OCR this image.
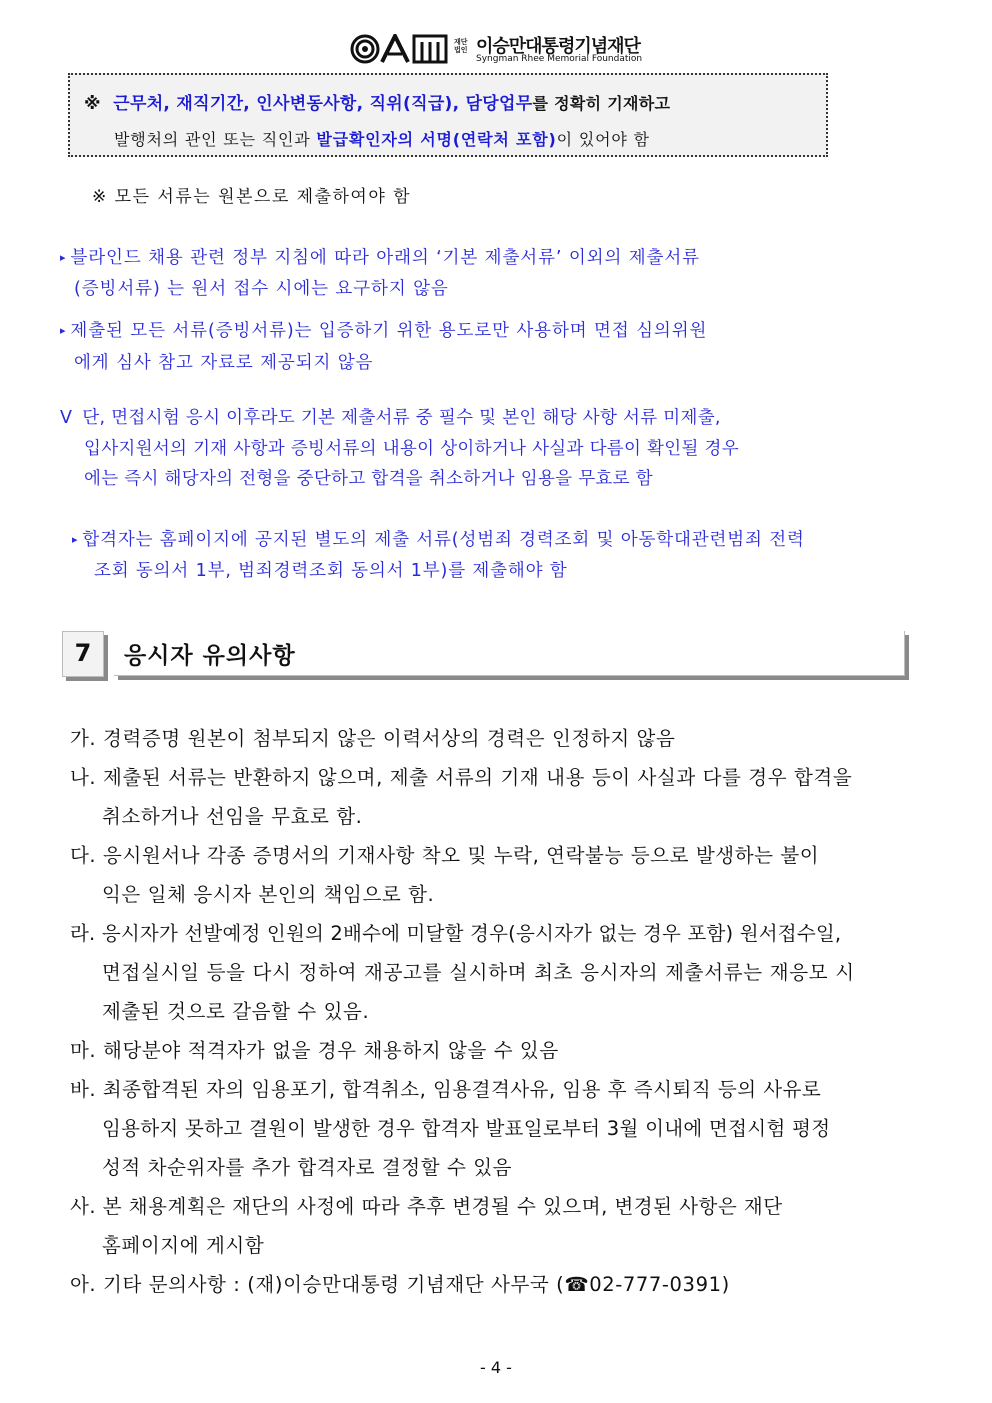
재단법인 이승만대통령기념재단
Syngman Rhee Memorial Foundation
※ 근무처, 재직기간, 인사변동사항, 직위(직급), 담당업무를 정확히 기재하고
발행처의 관인 또는 직인과 발급확인자의 서명(연락처 포함)이 있어야 함
※ 모든 서류는 원본으로 제출하여야 함
▸ 블라인드 채용 관련 정부 지침에 따라 아래의 ‘기본 제출서류’ 이외의 제출서류
(증빙서류) 는 원서 접수 시에는 요구하지 않음
▸ 제출된 모든 서류(증빙서류)는 입증하기 위한 용도로만 사용하며 면접 심의위원
에게 심사 참고 자료로 제공되지 않음
V 단, 면접시험 응시 이후라도 기본 제출서류 중 필수 및 본인 해당 사항 서류 미제출,
입사지원서의 기재 사항과 증빙서류의 내용이 상이하거나 사실과 다름이 확인될 경우
에는 즉시 해당자의 전형을 중단하고 합격을 취소하거나 임용을 무효로 함
▸ 합격자는 홈페이지에 공지된 별도의 제출 서류(성범죄 경력조회 및 아동학대관련범죄 전력
조회 동의서 1부, 범죄경력조회 동의서 1부)를 제출해야 함
7	응시자 유의사항
가. 경력증명 원본이 첨부되지 않은 이력서상의 경력은 인정하지 않음
나. 제출된 서류는 반환하지 않으며, 제출 서류의 기재 내용 등이 사실과 다를 경우 합격을
취소하거나 선임을 무효로 함.
다. 응시원서나 각종 증명서의 기재사항 착오 및 누락, 연락불능 등으로 발생하는 불이
익은 일체 응시자 본인의 책임으로 함.
라. 응시자가 선발예정 인원의 2배수에 미달할 경우(응시자가 없는 경우 포함) 원서접수일,
면접실시일 등을 다시 정하여 재공고를 실시하며 최초 응시자의 제출서류는 재응모 시
제출된 것으로 갈음할 수 있음.
마. 해당분야 적격자가 없을 경우 채용하지 않을 수 있음
바. 최종합격된 자의 임용포기, 합격취소, 임용결격사유, 임용 후 즉시퇴직 등의 사유로
임용하지 못하고 결원이 발생한 경우 합격자 발표일로부터 3월 이내에 면접시험 평정
성적 차순위자를 추가 합격자로 결정할 수 있음
사. 본 채용계획은 재단의 사정에 따라 추후 변경될 수 있으며, 변경된 사항은 재단
홈페이지에 게시함
아. 기타 문의사항 : (재)이승만대통령 기념재단 사무국 (☎02-777-0391)
- 4 -
